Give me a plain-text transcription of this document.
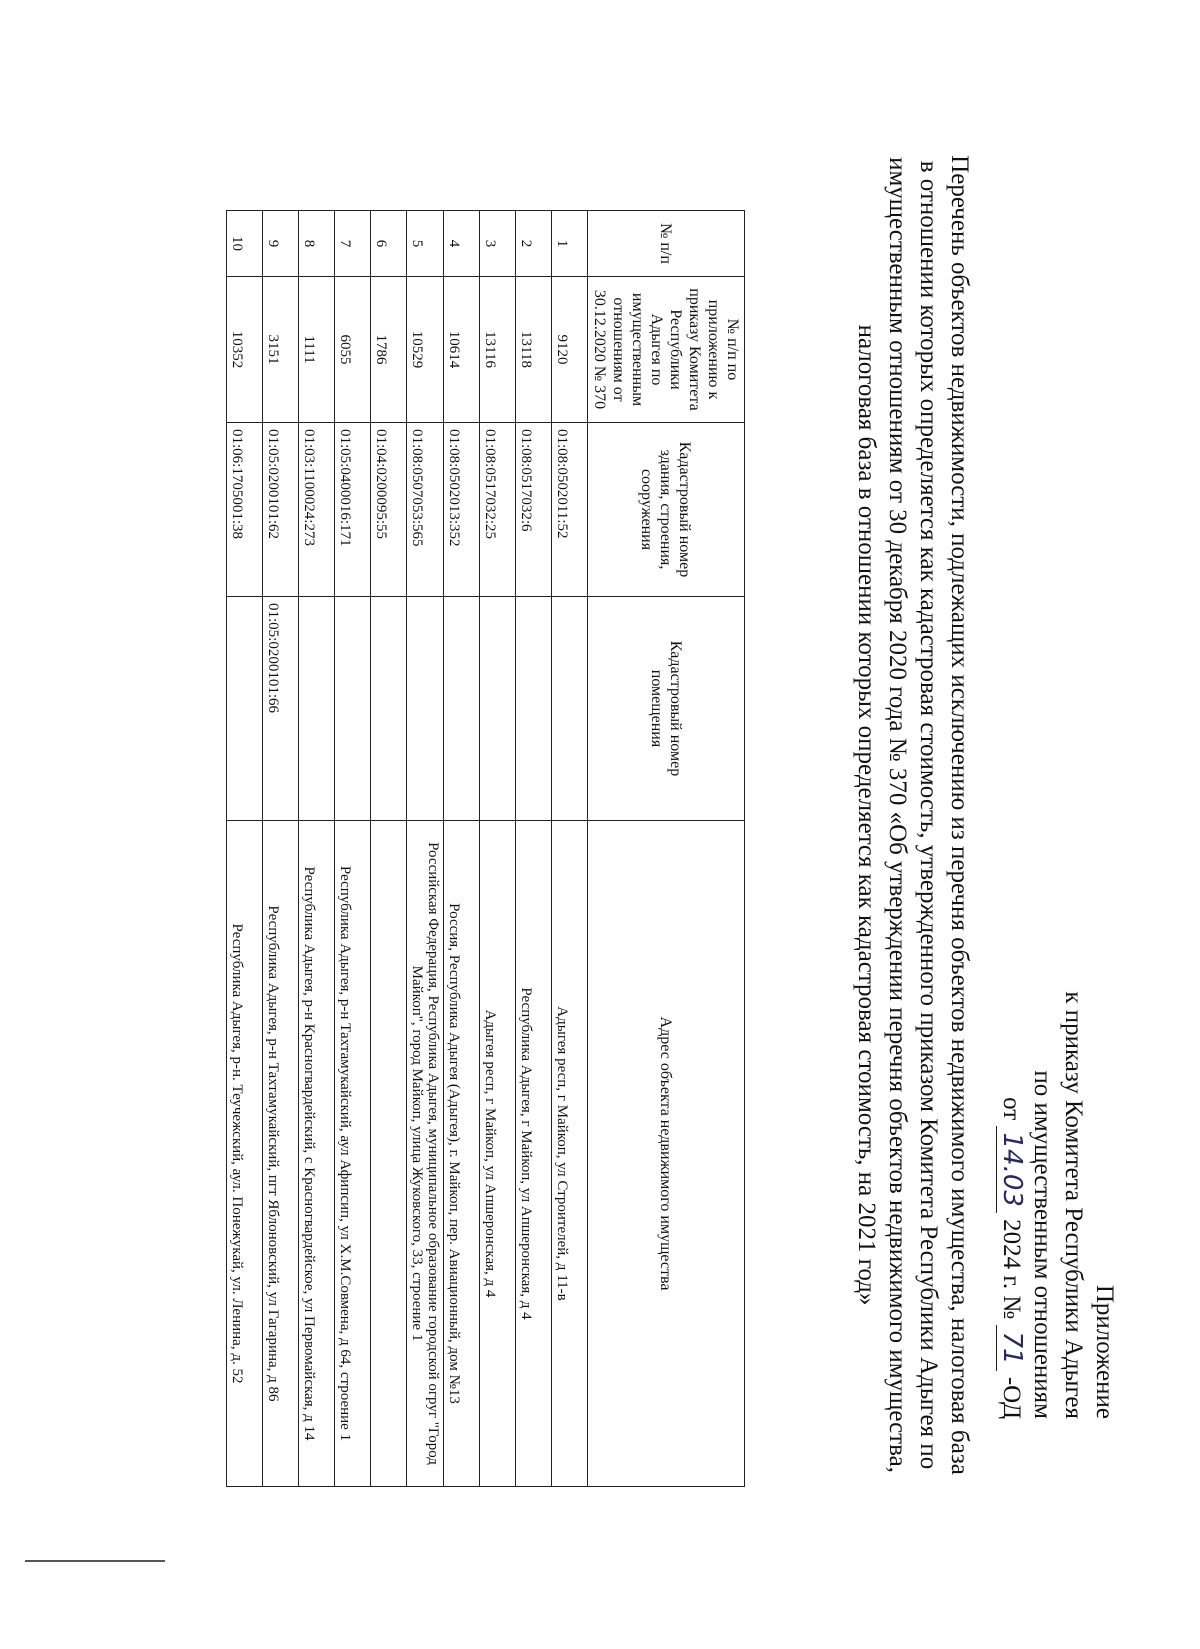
Приложение
к приказу Комитета Республики Адыгея
по имущественным отношениям
от 14.03 2024 г. № 71 -ОД
Перечень объектов недвижимости, подлежащих исключению из перечня объектов недвижимого имущества, налоговая база в отношении которых определяется как кадастровая стоимость, утвержденного приказом Комитета Республики Адыгея по имущественным отношениям от 30 декабря 2020 года № 370 «Об утверждении перечня объектов недвижимого имущества, налоговая база в отношении которых определяется как кадастровая стоимость, на 2021 год»
№ п/п	№ п/п по приложению к приказу Комитета Республики Адыгея по имущественным отношениям от 30.12.2020 № 370	Кадастровый номер здания, строения, сооружения	Кадастровый номер помещения	Адрес объекта недвижимого имущества
1	9120	01:08:0502011:52		Адыгея респ, г Майкоп, ул Строителей, д 11-в
2	13118	01:08:0517032:6		Республика Адыгея, г Майкоп, ул Апшеронская, д 4
3	13116	01:08:0517032:25		Адыгея респ, г Майкоп, ул Апшеронская, д 4
4	10614	01:08:0502013:352		Россия, Республика Адыгея (Адыгея), г. Майкоп, пер. Авиационный, дом №13
5	10529	01:08:0507053:565		Российская Федерация, Республика Адыгея, муниципальное образование городской огруг "Город Майкоп", город Майкоп, улица Жуковского, 33, строение 1
6	1786	01:04:0200095:55		
7	6055	01:05:0400016:171		Республика Адыгея, р-н Тахтамукайский, аул Афипсип, ул Х.М.Совмена, д 64, строение 1
8	1111	01:03:1100024:273		Республика Адыгея, р-н Красногвардейский, с Красногвардейское, ул Первомайская, д 14
9	3151	01:05:0200101:62	01:05:0200101:66	Республика Адыгея, р-н Тахтамукайский, пгт Яблоновский, ул Гагарина, д 86
10	10352	01:06:1705001:38		Республика Адыгея, р-н. Теучежский, аул. Понежукай, ул. Ленина, д. 52
